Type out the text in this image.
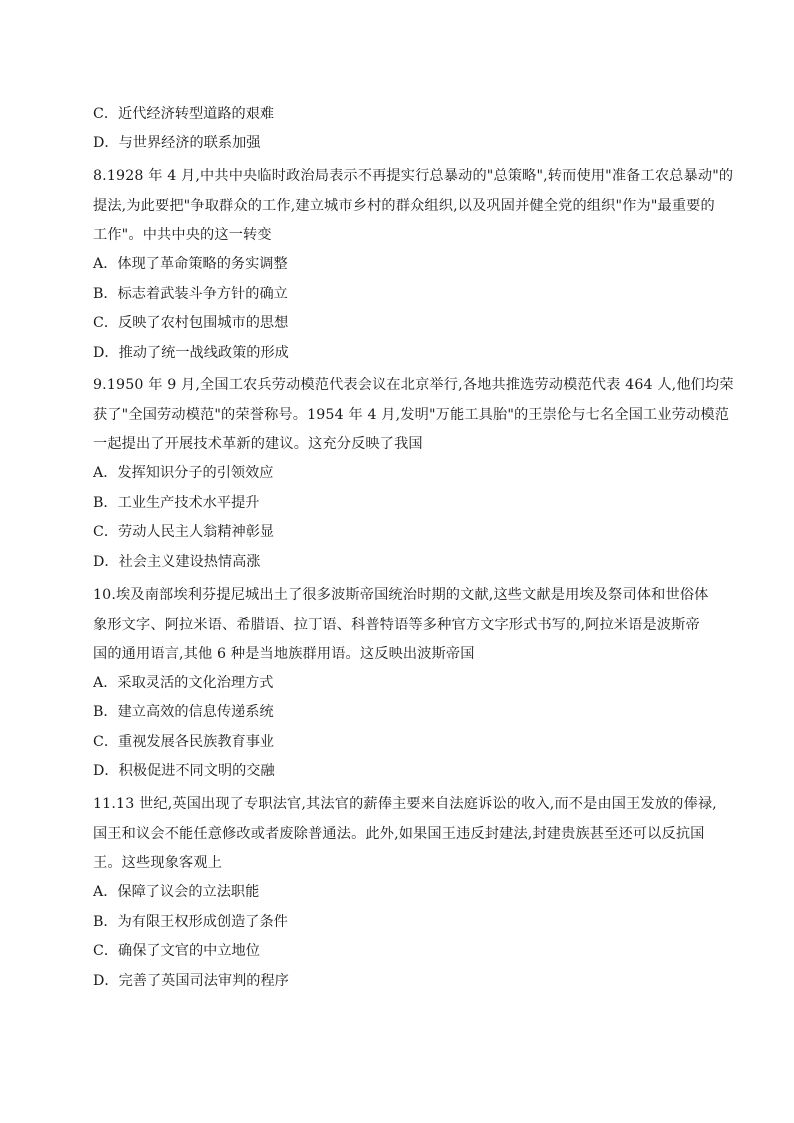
C．近代经济转型道路的艰难
D．与世界经济的联系加强
8.1928 年 4 月,中共中央临时政治局表示不再提实行总暴动的"总策略",转而使用"准备工农总暴动"的
提法,为此要把"争取群众的工作,建立城市乡村的群众组织,以及巩固并健全党的组织"作为"最重要的
工作"。中共中央的这一转变
A．体现了革命策略的务实调整
B．标志着武装斗争方针的确立
C．反映了农村包围城市的思想
D．推动了统一战线政策的形成
9.1950 年 9 月,全国工农兵劳动模范代表会议在北京举行,各地共推选劳动模范代表 464 人,他们均荣
获了"全国劳动模范"的荣誉称号。1954 年 4 月,发明"万能工具胎"的王崇伦与七名全国工业劳动模范
一起提出了开展技术革新的建议。这充分反映了我国
A．发挥知识分子的引领效应
B．工业生产技术水平提升
C．劳动人民主人翁精神彰显
D．社会主义建设热情高涨
10.埃及南部埃利芬提尼城出土了很多波斯帝国统治时期的文献,这些文献是用埃及祭司体和世俗体
象形文字、阿拉米语、希腊语、拉丁语、科普特语等多种官方文字形式书写的,阿拉米语是波斯帝
国的通用语言,其他 6 种是当地族群用语。这反映出波斯帝国
A．采取灵活的文化治理方式
B．建立高效的信息传递系统
C．重视发展各民族教育事业
D．积极促进不同文明的交融
11.13 世纪,英国出现了专职法官,其法官的薪俸主要来自法庭诉讼的收入,而不是由国王发放的俸禄,
国王和议会不能任意修改或者废除普通法。此外,如果国王违反封建法,封建贵族甚至还可以反抗国
王。这些现象客观上
A．保障了议会的立法职能
B．为有限王权形成创造了条件
C．确保了文官的中立地位
D．完善了英国司法审判的程序
